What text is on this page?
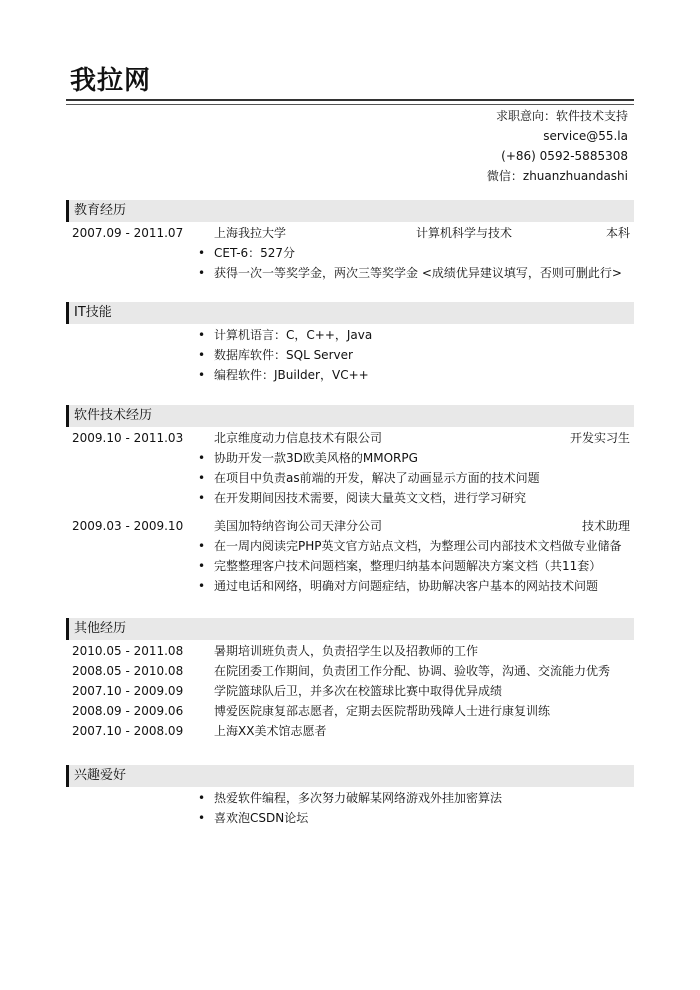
我拉网
求职意向：软件技术支持
service@55.la
(+86) 0592-5885308
微信：zhuanzhuandashi
教育经历
2007.09 - 2011.07	上海我拉大学	计算机科学与技术	本科
• CET-6：527分
• 获得一次一等奖学金，两次三等奖学金 <成绩优异建议填写，否则可删此行>
IT技能
• 计算机语言：C，C++，Java
• 数据库软件：SQL Server
• 编程软件：JBuilder，VC++
软件技术经历
2009.10 - 2011.03	北京维度动力信息技术有限公司	开发实习生
• 协助开发一款3D欧美风格的MMORPG
• 在项目中负责as前端的开发，解决了动画显示方面的技术问题
• 在开发期间因技术需要，阅读大量英文文档，进行学习研究
2009.03 - 2009.10	美国加特纳咨询公司天津分公司	技术助理
• 在一周内阅读完PHP英文官方站点文档，为整理公司内部技术文档做专业储备
• 完整整理客户技术问题档案，整理归纳基本问题解决方案文档（共11套）
• 通过电话和网络，明确对方问题症结，协助解决客户基本的网站技术问题
其他经历
2010.05 - 2011.08	暑期培训班负责人，负责招学生以及招教师的工作
2008.05 - 2010.08	在院团委工作期间，负责团工作分配、协调、验收等，沟通、交流能力优秀
2007.10 - 2009.09	学院篮球队后卫，并多次在校篮球比赛中取得优异成绩
2008.09 - 2009.06	博爱医院康复部志愿者，定期去医院帮助残障人士进行康复训练
2007.10 - 2008.09	上海XX美术馆志愿者
兴趣爱好
• 热爱软件编程，多次努力破解某网络游戏外挂加密算法
• 喜欢泡CSDN论坛
